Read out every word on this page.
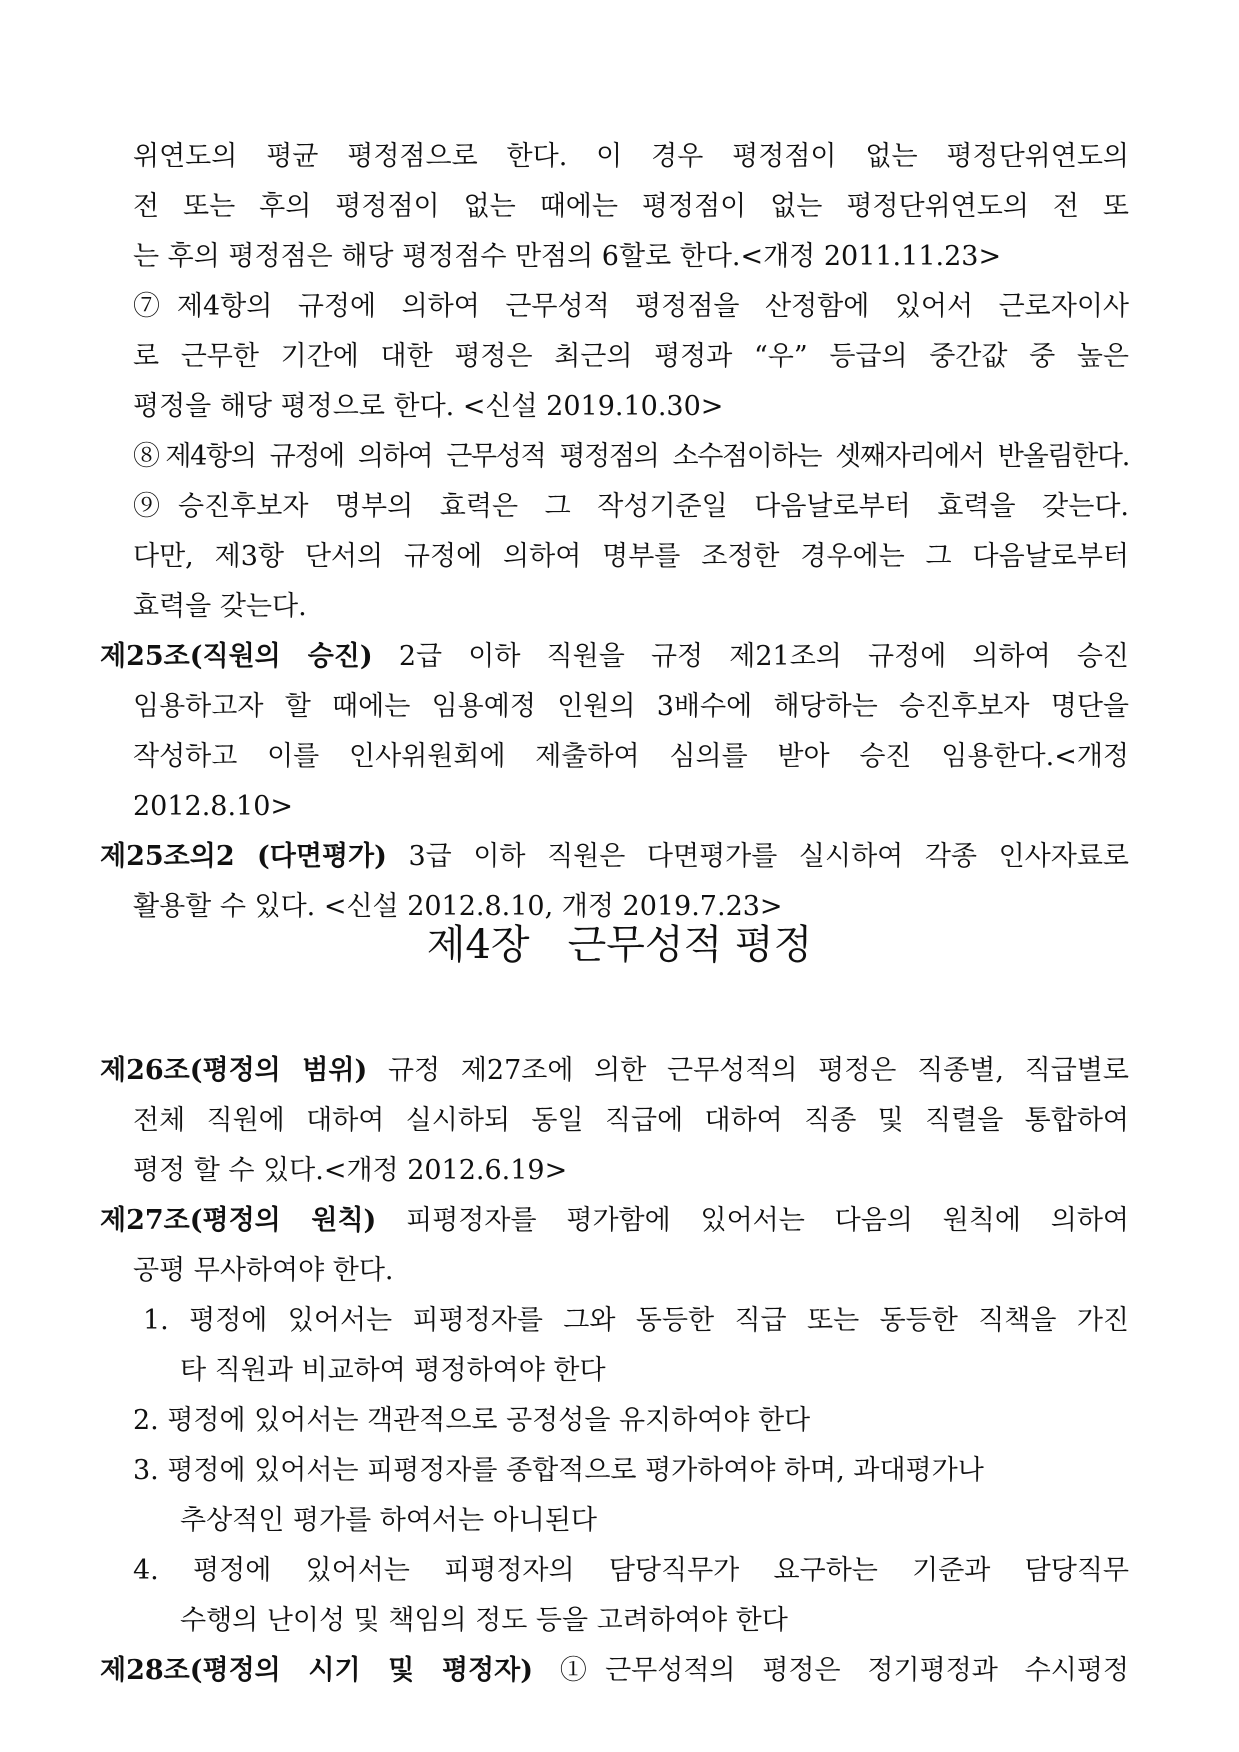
위연도의 평균 평정점으로 한다. 이 경우 평정점이 없는 평정단위연도의
전 또는 후의 평정점이 없는 때에는 평정점이 없는 평정단위연도의 전 또
는 후의 평정점은 해당 평정점수 만점의 6할로 한다.<개정 2011.11.23>
⑦제4항의 규정에 의하여 근무성적 평정점을 산정함에 있어서 근로자이사
로 근무한 기간에 대한 평정은 최근의 평정과 “우” 등급의 중간값 중 높은
평정을 해당 평정으로 한다. <신설 2019.10.30>
⑧제4항의 규정에 의하여 근무성적 평정점의 소수점이하는 셋째자리에서 반올림한다.
⑨승진후보자 명부의 효력은 그 작성기준일 다음날로부터 효력을 갖는다.
다만, 제3항 단서의 규정에 의하여 명부를 조정한 경우에는 그 다음날로부터
효력을 갖는다.
제25조(직원의 승진) 2급 이하 직원을 규정 제21조의 규정에 의하여 승진
임용하고자 할 때에는 임용예정 인원의 3배수에 해당하는 승진후보자 명단을
작성하고 이를 인사위원회에 제출하여 심의를 받아 승진 임용한다.<개정
2012.8.10>
제25조의2 (다면평가) 3급 이하 직원은 다면평가를 실시하여 각종 인사자료로
활용할 수 있다. <신설 2012.8.10, 개정 2019.7.23>
제4장   근무성적 평정
제26조(평정의 범위) 규정 제27조에 의한 근무성적의 평정은 직종별, 직급별로
전체 직원에 대하여 실시하되 동일 직급에 대하여 직종 및 직렬을 통합하여
평정 할 수 있다.<개정 2012.6.19>
제27조(평정의 원칙) 피평정자를 평가함에 있어서는 다음의 원칙에 의하여
공평 무사하여야 한다.
1. 평정에 있어서는 피평정자를 그와 동등한 직급 또는 동등한 직책을 가진
타 직원과 비교하여 평정하여야 한다
2. 평정에 있어서는 객관적으로 공정성을 유지하여야 한다
3. 평정에 있어서는 피평정자를 종합적으로 평가하여야 하며, 과대평가나
추상적인 평가를 하여서는 아니된다
4. 평정에 있어서는 피평정자의 담당직무가 요구하는 기준과 담당직무
수행의 난이성 및 책임의 정도 등을 고려하여야 한다
제28조(평정의 시기 및 평정자) ①근무성적의 평정은 정기평정과 수시평정
